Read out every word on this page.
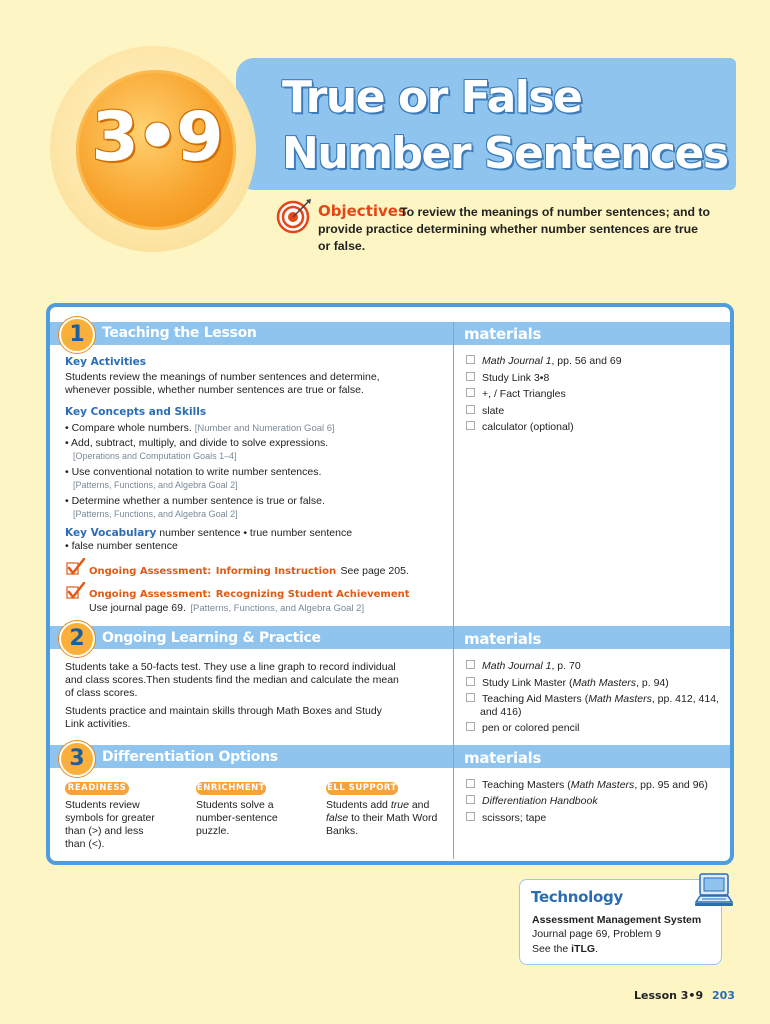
3•9
True or False
Number Sentences
Objectives
To review the meanings of number sentences; and to provide practice determining whether number sentences are true or false.
1	Teaching the Lesson	materials
Key Activities
Students review the meanings of number sentences and determine, whenever possible, whether number sentences are true or false.
Key Concepts and Skills
• Compare whole numbers. [Number and Numeration Goal 6]
• Add, subtract, multiply, and divide to solve expressions.
[Operations and Computation Goals 1–4]
• Use conventional notation to write number sentences.
[Patterns, Functions, and Algebra Goal 2]
• Determine whether a number sentence is true or false.
[Patterns, Functions, and Algebra Goal 2]
Key Vocabulary number sentence • true number sentence
• false number sentence
Ongoing Assessment: Informing Instruction See page 205.
Ongoing Assessment: Recognizing Student Achievement
Use journal page 69. [Patterns, Functions, and Algebra Goal 2]
Math Journal 1, pp. 56 and 69
Study Link 3•8
+, / Fact Triangles
slate
calculator (optional)
2	Ongoing Learning & Practice	materials
Students take a 50-facts test. They use a line graph to record individual and class scores.Then students find the median and calculate the mean of class scores.
Students practice and maintain skills through Math Boxes and Study Link activities.
Math Journal 1, p. 70
Study Link Master (Math Masters, p. 94)
Teaching Aid Masters (Math Masters, pp. 412, 414, and 416)
pen or colored pencil
3	Differentiation Options	materials
READINESS
Students review symbols for greater than (>) and less than (<).
ENRICHMENT
Students solve a number-sentence puzzle.
ELL SUPPORT
Students add true and false to their Math Word Banks.
Teaching Masters (Math Masters, pp. 95 and 96)
Differentiation Handbook
scissors; tape
Technology
Assessment Management System
Journal page 69, Problem 9
See the iTLG.
Lesson 3•9 203
